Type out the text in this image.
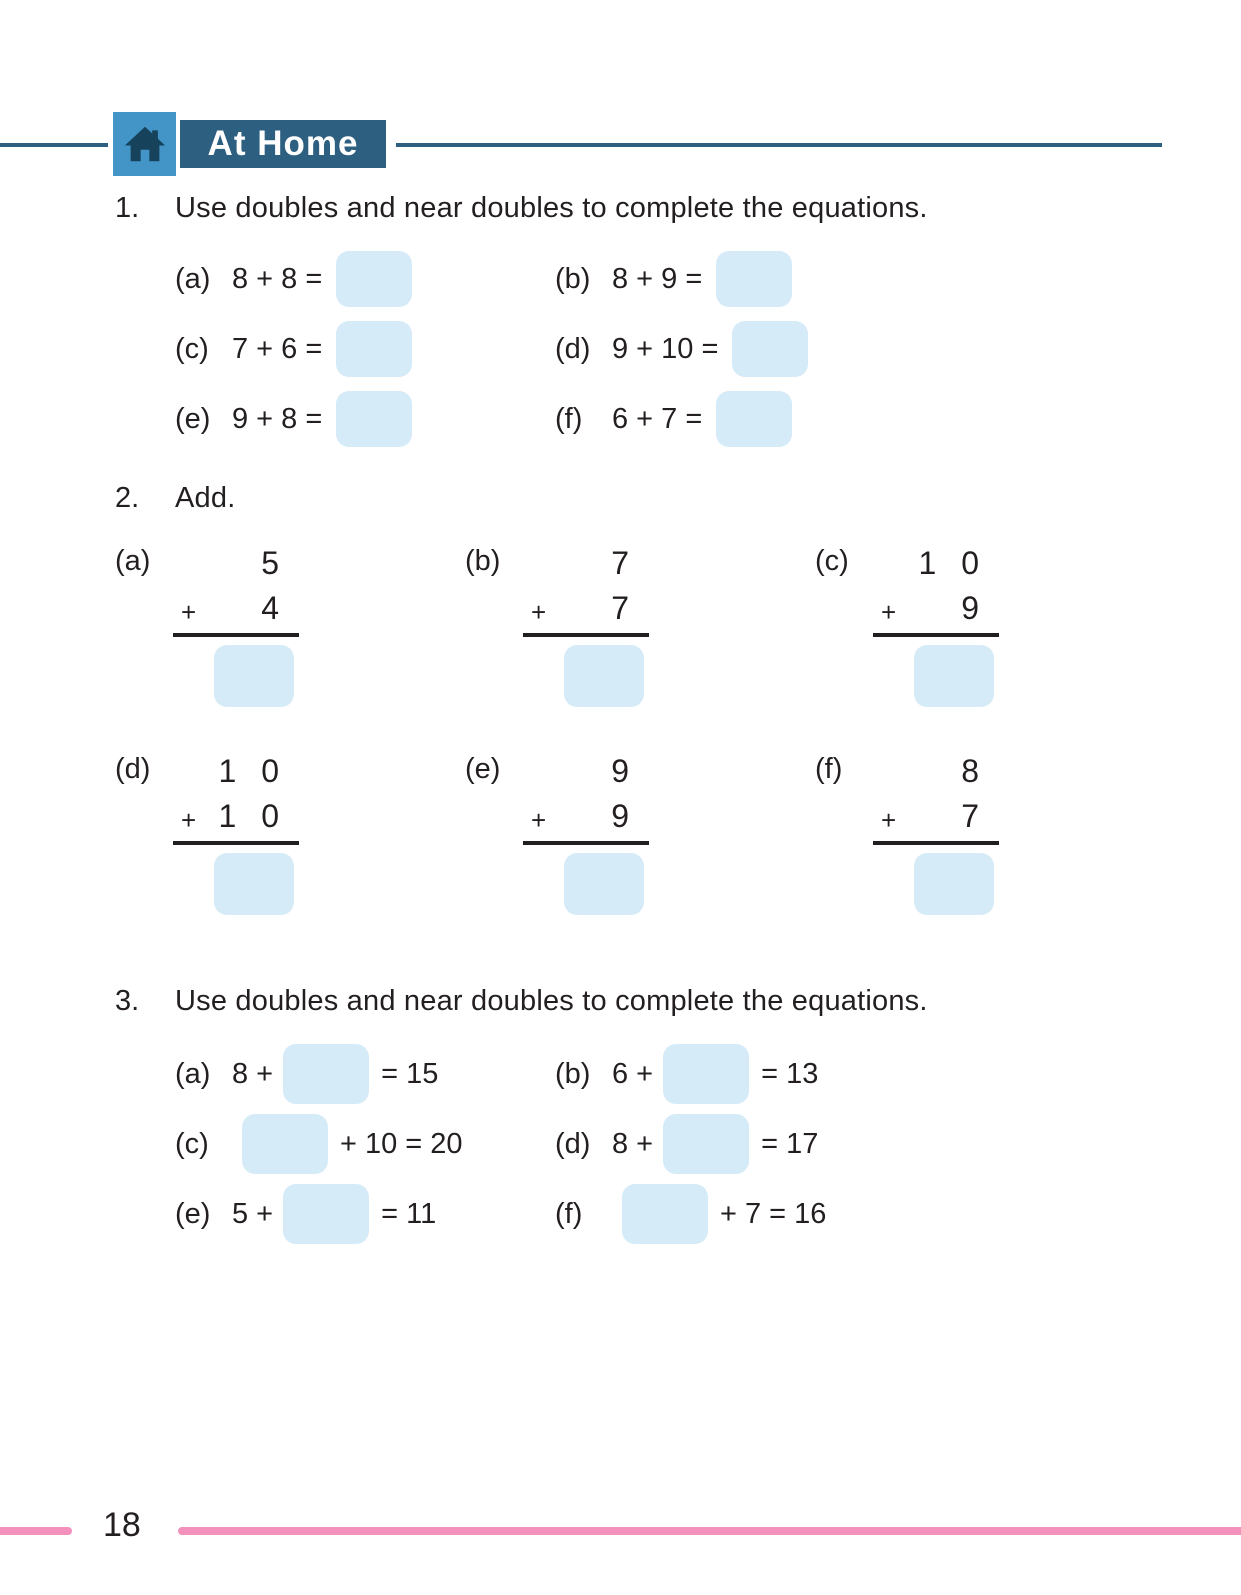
At Home
1.	Use doubles and near doubles to complete the equations.
(a) 8 + 8 =	(b) 8 + 9 =
(c) 7 + 6 =	(d) 9 + 10 =
(e) 9 + 8 =	(f)	6 + 7 =
2.	Add.
(a)	5
+ 4
(b)	7
+ 7
(c)	1 0
+ 9
(d)	1 0
+ 1 0
(e)	9
+ 9
(f)	8
+ 7
3.	Use doubles and near doubles to complete the equations.
(a) 8 +	= 15	(b) 6 +	= 13
(c)	+ 10 = 20	(d) 8 +	= 17
(e) 5 +	= 11	(f)	+ 7 = 16
18
